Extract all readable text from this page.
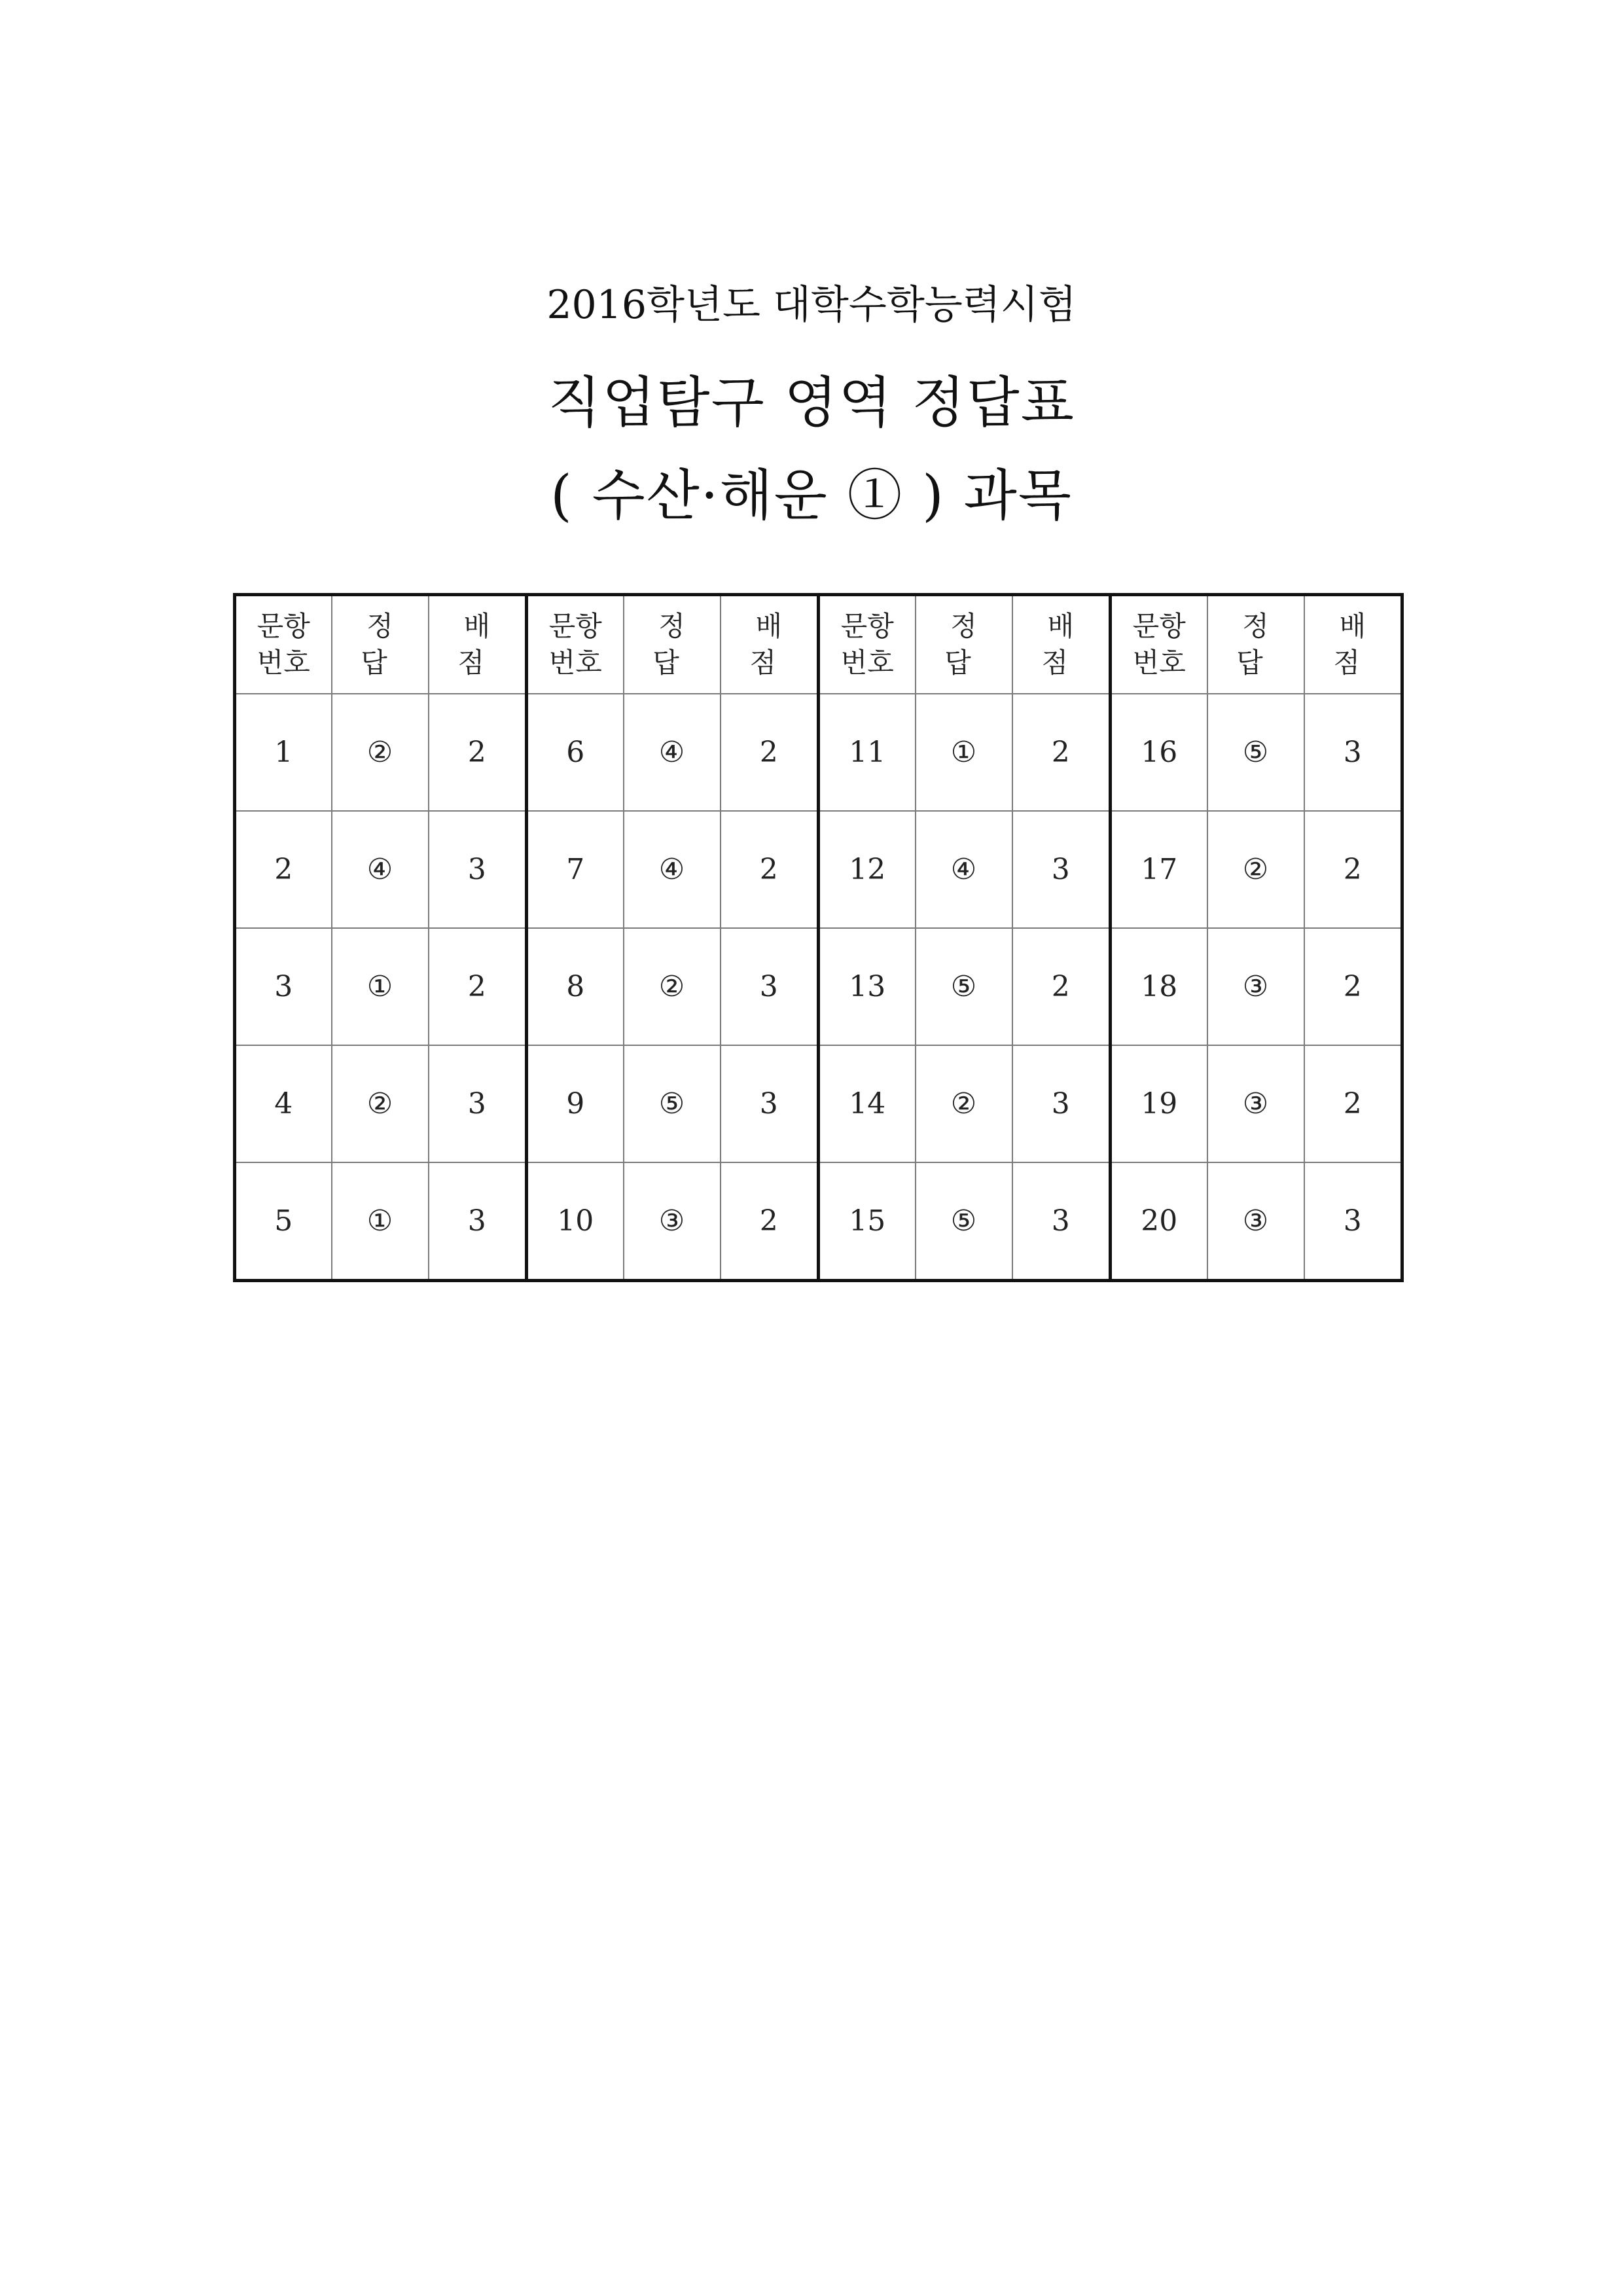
2016학년도 대학수학능력시험
직업탐구 영역 정답표
( 수산·해운 ① ) 과목
문항
번호	정 답	배 점	문항
번호	정 답	배 점	문항
번호	정 답	배 점	문항
번호	정 답	배 점
1	②	2	6	④	2	11	①	2	16	⑤	3
2	④	3	7	④	2	12	④	3	17	②	2
3	①	2	8	②	3	13	⑤	2	18	③	2
4	②	3	9	⑤	3	14	②	3	19	③	2
5	①	3	10	③	2	15	⑤	3	20	③	3
